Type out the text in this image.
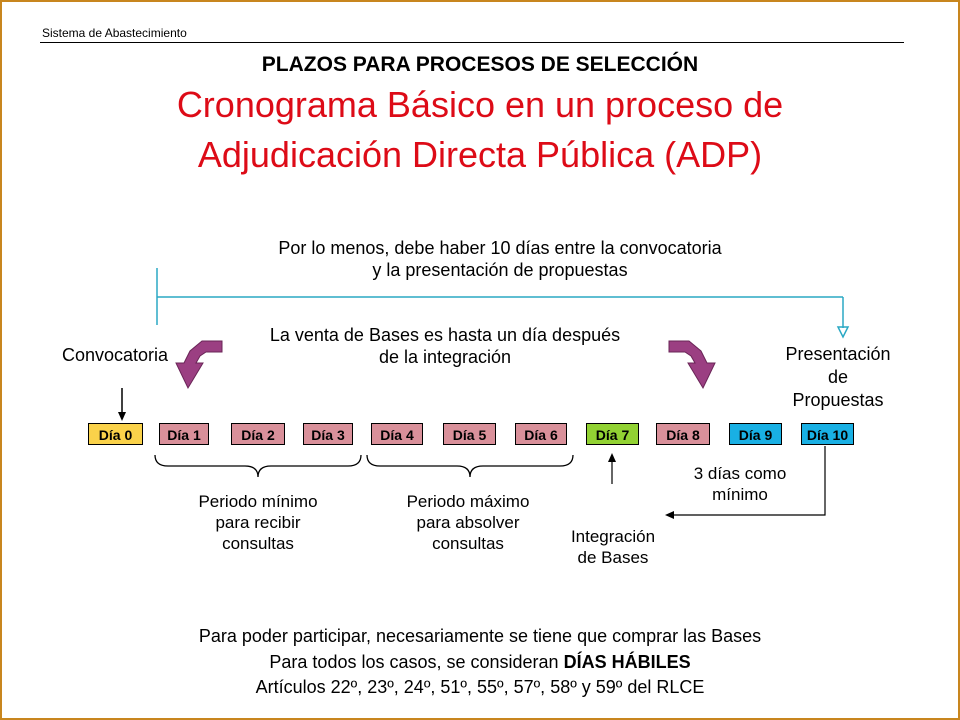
Sistema de Abastecimiento
PLAZOS PARA PROCESOS DE SELECCIÓN
Cronograma Básico en un proceso de
Adjudicación Directa Pública (ADP)
Por lo menos, debe haber 10 días entre la convocatoria
y la presentación de propuestas
La venta de Bases es hasta un día después
de la integración
Convocatoria	Presentación
de
Propuestas
Día 0	Día 1	Día 2	Día 3	Día 4	Día 5	Día 6	Día 7	Día 8	Día 9	Día 10
3 días como
mínimo
Periodo mínimo
para recibir
consultas
Periodo máximo
para absolver
consultas	Integración
de Bases
Para poder participar, necesariamente se tiene que comprar las Bases
Para todos los casos, se consideran DÍAS HÁBILES
Artículos 22º, 23º, 24º, 51º, 55º, 57º, 58º y 59º del RLCE
